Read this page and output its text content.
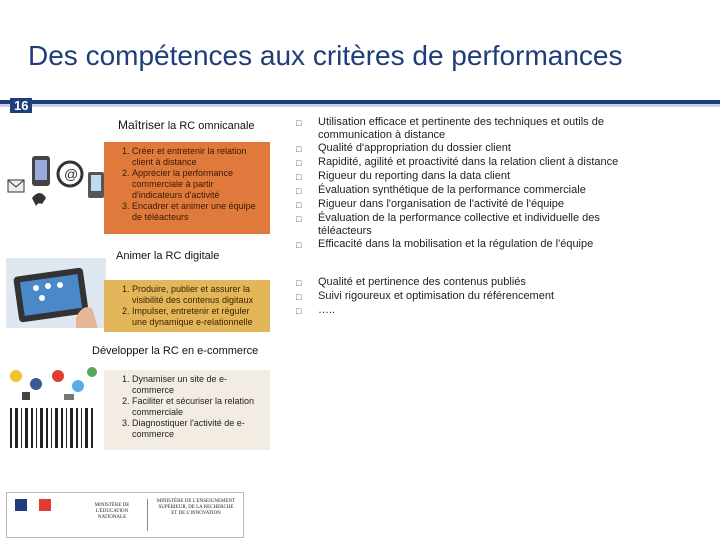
Des compétences aux critères de performances
16
@
Maîtriser la RC omnicanale
1. Créer et entretenir la relation client à distance
2. Apprécier la performance commerciale à partir d'indicateurs d'activité
3. Encadrer et animer une équipe de téléacteurs
Animer la RC digitale
1. Produire, publier et assurer la visibilité des contenus digitaux
2. Impulser, entretenir et réguler une dynamique e-relationnelle
Développer la RC en e-commerce
1. Dynamiser un site de e-commerce
2. Faciliter et sécuriser la relation commerciale
3. Diagnostiquer l'activité de e-commerce
□	Utilisation efficace et pertinente des techniques et outils de communication à distance
□	Qualité d'appropriation du dossier client
□	Rapidité, agilité et proactivité dans la relation client à distance
□	Rigueur du reporting dans la data client
□	Évaluation synthétique de la performance commerciale
□	Rigueur dans l'organisation de l'activité de l'équipe
□	Évaluation de la performance collective et individuelle des téléacteurs
□	Efficacité dans la mobilisation et la régulation de l'équipe
□	Qualité et pertinence des contenus publiés
□	Suivi rigoureux et optimisation du référencement
□	…..
MINISTÈRE DE L'ÉDUCATION NATIONALE
MINISTÈRE DE L'ENSEIGNEMENT SUPÉRIEUR, DE LA RECHERCHE ET DE L'INNOVATION
